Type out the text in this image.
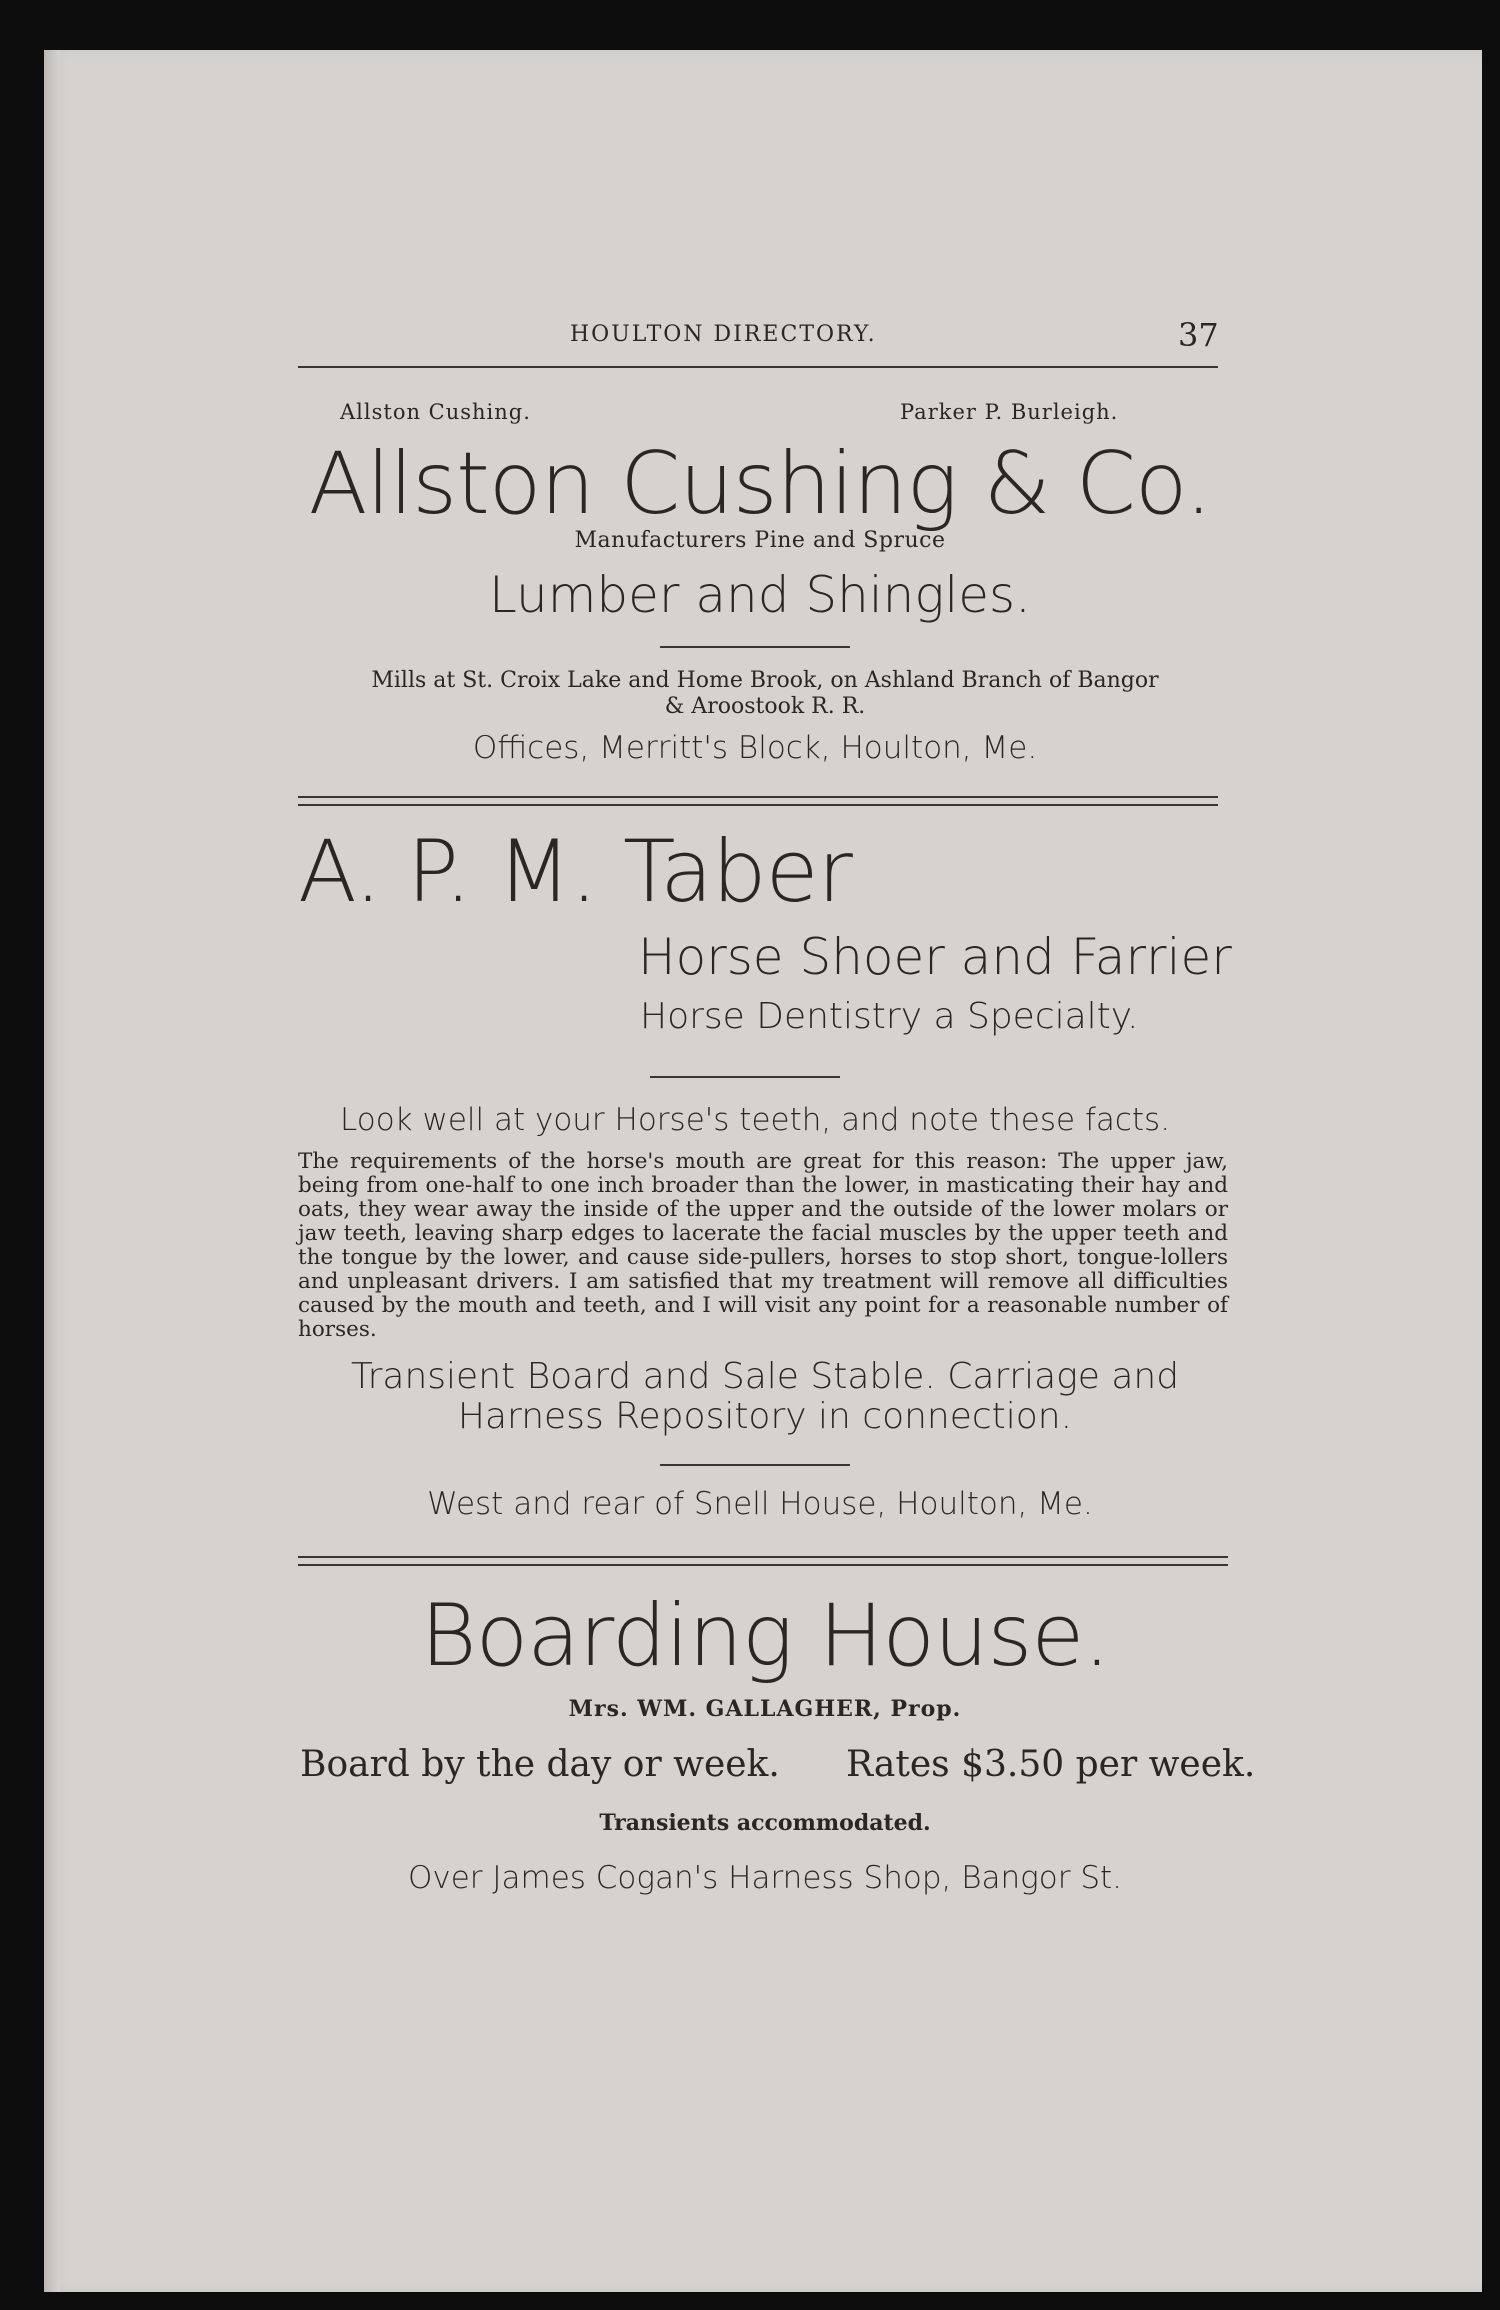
HOULTON DIRECTORY.	37
Allston Cushing.	Parker P. Burleigh.
Allston Cushing & Co.
Manufacturers Pine and Spruce
Lumber and Shingles.
Mills at St. Croix Lake and Home Brook, on Ashland Branch of Bangor
& Aroostook R. R.
Offices, Merritt's Block, Houlton, Me.
A. P. M. Taber
Horse Shoer and Farrier
Horse Dentistry a Specialty.
Look well at your Horse's teeth, and note these facts.
The requirements of the horse's mouth are great for this reason: The upper jaw, being from one-half to one inch broader than the lower, in masticating their hay and oats, they wear away the inside of the upper and the outside of the lower molars or jaw teeth, leaving sharp edges to lacerate the facial muscles by the upper teeth and the tongue by the lower, and cause side-pullers, horses to stop short, tongue-lollers and unpleasant drivers. I am satisfied that my treatment will remove all difficulties caused by the mouth and teeth, and I will visit any point for a reasonable number of horses.
Transient Board and Sale Stable. Carriage and
Harness Repository in connection.
West and rear of Snell House, Houlton, Me.
Boarding House.
Mrs. WM. GALLAGHER, Prop.
Board by the day or week. Rates $3.50 per week.
Transients accommodated.
Over James Cogan's Harness Shop, Bangor St.
